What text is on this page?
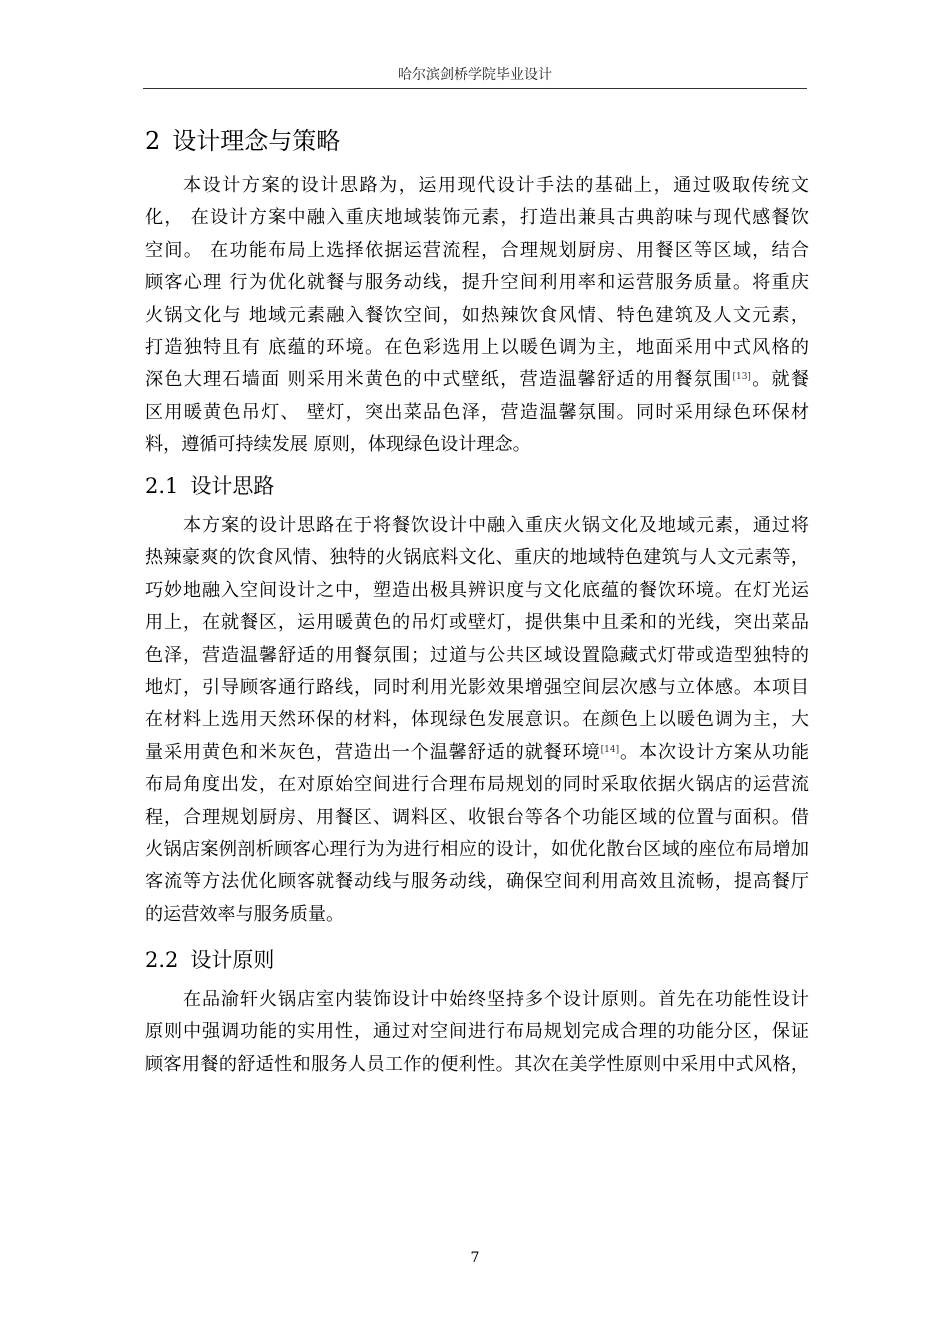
哈尔滨剑桥学院毕业设计
2 设计理念与策略
本设计方案的设计思路为，运用现代设计手法的基础上，通过吸取传统文
化， 在设计方案中融入重庆地域装饰元素，打造出兼具古典韵味与现代感餐饮
空间。 在功能布局上选择依据运营流程，合理规划厨房、用餐区等区域，结合
顾客心理 行为优化就餐与服务动线，提升空间利用率和运营服务质量。将重庆
火锅文化与 地域元素融入餐饮空间，如热辣饮食风情、特色建筑及人文元素，
打造独特且有 底蕴的环境。在色彩选用上以暖色调为主，地面采用中式风格的
深色大理石墙面 则采用米黄色的中式壁纸，营造温馨舒适的用餐氛围[13]。就餐
区用暖黄色吊灯、 壁灯，突出菜品色泽，营造温馨氛围。同时采用绿色环保材
料，遵循可持续发展 原则，体现绿色设计理念。
2.1 设计思路
本方案的设计思路在于将餐饮设计中融入重庆火锅文化及地域元素，通过将
热辣豪爽的饮食风情、独特的火锅底料文化、重庆的地域特色建筑与人文元素等，
巧妙地融入空间设计之中，塑造出极具辨识度与文化底蕴的餐饮环境。在灯光运
用上，在就餐区，运用暖黄色的吊灯或壁灯，提供集中且柔和的光线，突出菜品
色泽，营造温馨舒适的用餐氛围；过道与公共区域设置隐藏式灯带或造型独特的
地灯，引导顾客通行路线，同时利用光影效果增强空间层次感与立体感。本项目
在材料上选用天然环保的材料，体现绿色发展意识。在颜色上以暖色调为主，大
量采用黄色和米灰色，营造出一个温馨舒适的就餐环境[14]。本次设计方案从功能
布局角度出发，在对原始空间进行合理布局规划的同时采取依据火锅店的运营流
程，合理规划厨房、用餐区、调料区、收银台等各个功能区域的位置与面积。借
火锅店案例剖析顾客心理行为为进行相应的设计，如优化散台区域的座位布局增加
客流等方法优化顾客就餐动线与服务动线，确保空间利用高效且流畅，提高餐厅
的运营效率与服务质量。
2.2 设计原则
在品渝轩火锅店室内装饰设计中始终坚持多个设计原则。首先在功能性设计
原则中强调功能的实用性，通过对空间进行布局规划完成合理的功能分区，保证
顾客用餐的舒适性和服务人员工作的便利性。其次在美学性原则中采用中式风格，
7
